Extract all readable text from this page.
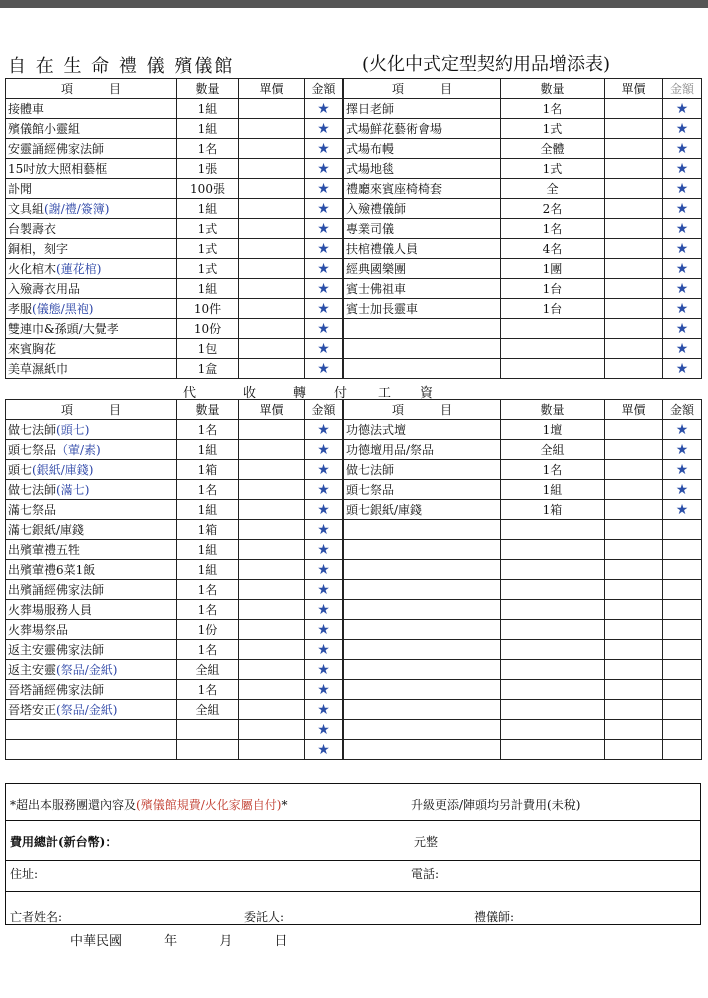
自 在 生 命 禮 儀 殯儀館	(火化中式定型契約用品增添表)
項　　　目	數量	單價	金額
接體車	1組		★
殯儀館小靈組	1組		★
安靈誦經佛家法師	1名		★
15吋放大照相藝框	1張		★
訃聞	100張		★
文具組(謝/禮/簽簿)	1組		★
台製壽衣	1式		★
銅相，刻字	1式		★
火化棺木(蓮花棺)	1式		★
入殮壽衣用品	1組		★
孝服(儀態/黑袍)	10件		★
雙連巾&孫頭/大覺孝	10份		★
來賓胸花	1包		★
美草濕紙巾	1盒		★
項　　　目	數量	單價	金額
擇日老師	1名		★
式場鮮花藝術會場	1式		★
式場布幔	全體		★
式場地毯	1式		★
禮廳來賓座椅椅套	全		★
入殮禮儀師	2名		★
專業司儀	1名		★
扶棺禮儀人員	4名		★
經典國樂團	1團		★
賓士佛祖車	1台		★
賓士加長靈車	1台		★
			★
			★
			★
代	收	轉 付 工 資
項　　　目	數量	單價	金額
做七法師(頭七)	1名		★
頭七祭品（葷/素)	1組		★
頭七(銀紙/庫錢)	1箱		★
做七法師(滿七)	1名		★
滿七祭品	1組		★
滿七銀紙/庫錢	1箱		★
出殯葷禮五牲	1組		★
出殯葷禮6菜1飯	1組		★
出殯誦經佛家法師	1名		★
火葬場服務人員	1名		★
火葬場祭品	1份		★
返主安靈佛家法師	1名		★
返主安靈(祭品/金紙)	全組		★
晉塔誦經佛家法師	1名		★
晉塔安正(祭品/金紙)	全組		★
			★
			★
項　　　目	數量	單價	金額
功德法式壇	1壇		★
功德壇用品/祭品	全組		★
做七法師	1名		★
頭七祭品	1組		★
頭七銀紙/庫錢	1箱		★

*超出本服務團還內容及(殯儀館規費/火化家屬自付)*	升級更添/陣頭均另計費用(未稅)
費用總計(新台幣)：	元整
住址:	電話:
亡者姓名:	委託人:	禮儀師:
中華民國	年	月	日
